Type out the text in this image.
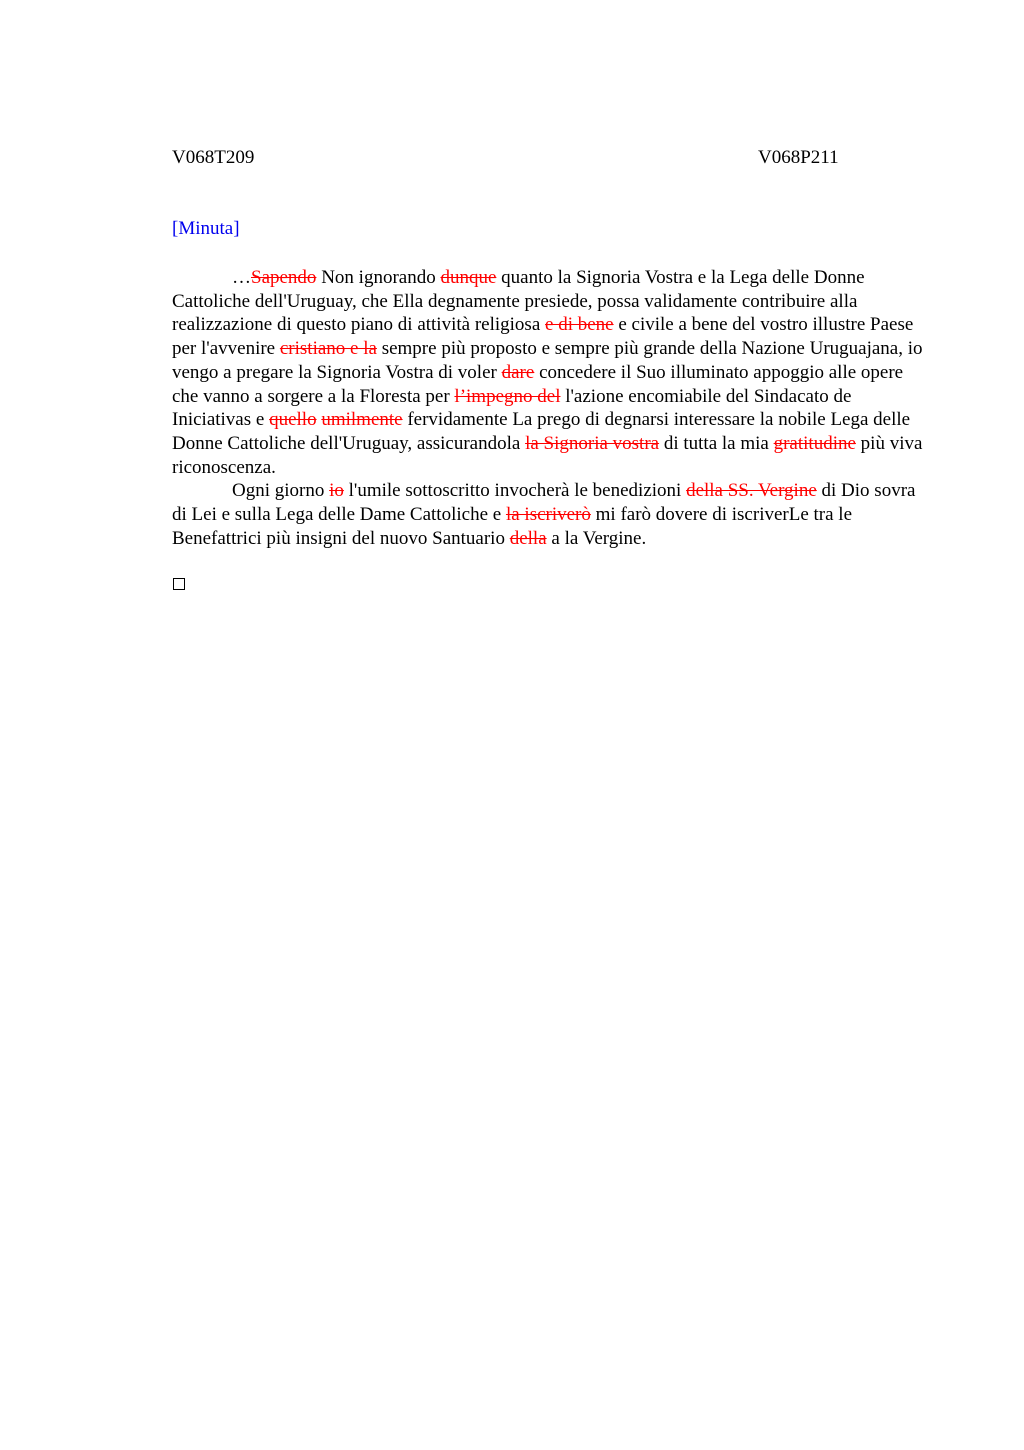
V068T209	V068P211
[Minuta]

…Sapendo Non ignorando dunque quanto la Signoria Vostra e la Lega delle Donne Cattoliche dell'Uruguay, che Ella degnamente presiede, possa validamente contribuire alla realizzazione di questo piano di attività religiosa e di bene e civile a bene del vostro illustre Paese per l'avvenire cristiano e la sempre più proposto e sempre più grande della Nazione Uruguajana, io vengo a pregare la Signoria Vostra di voler dare concedere il Suo illuminato appoggio alle opere che vanno a sorgere a la Floresta per l’impegno del l'azione encomiabile del Sindacato de Iniciativas e quello umilmente fervidamente La prego di degnarsi interessare la nobile Lega delle Donne Cattoliche dell'Uruguay, assicurandola la Signoria vostra di tutta la mia gratitudine più viva riconoscenza.

Ogni giorno io l'umile sottoscritto invocherà le benedizioni della SS. Vergine di Dio sovra di Lei e sulla Lega delle Dame Cattoliche e la iscriverò mi farò dovere di iscriverLe tra le Benefattrici più insigni del nuovo Santuario della a la Vergine.
